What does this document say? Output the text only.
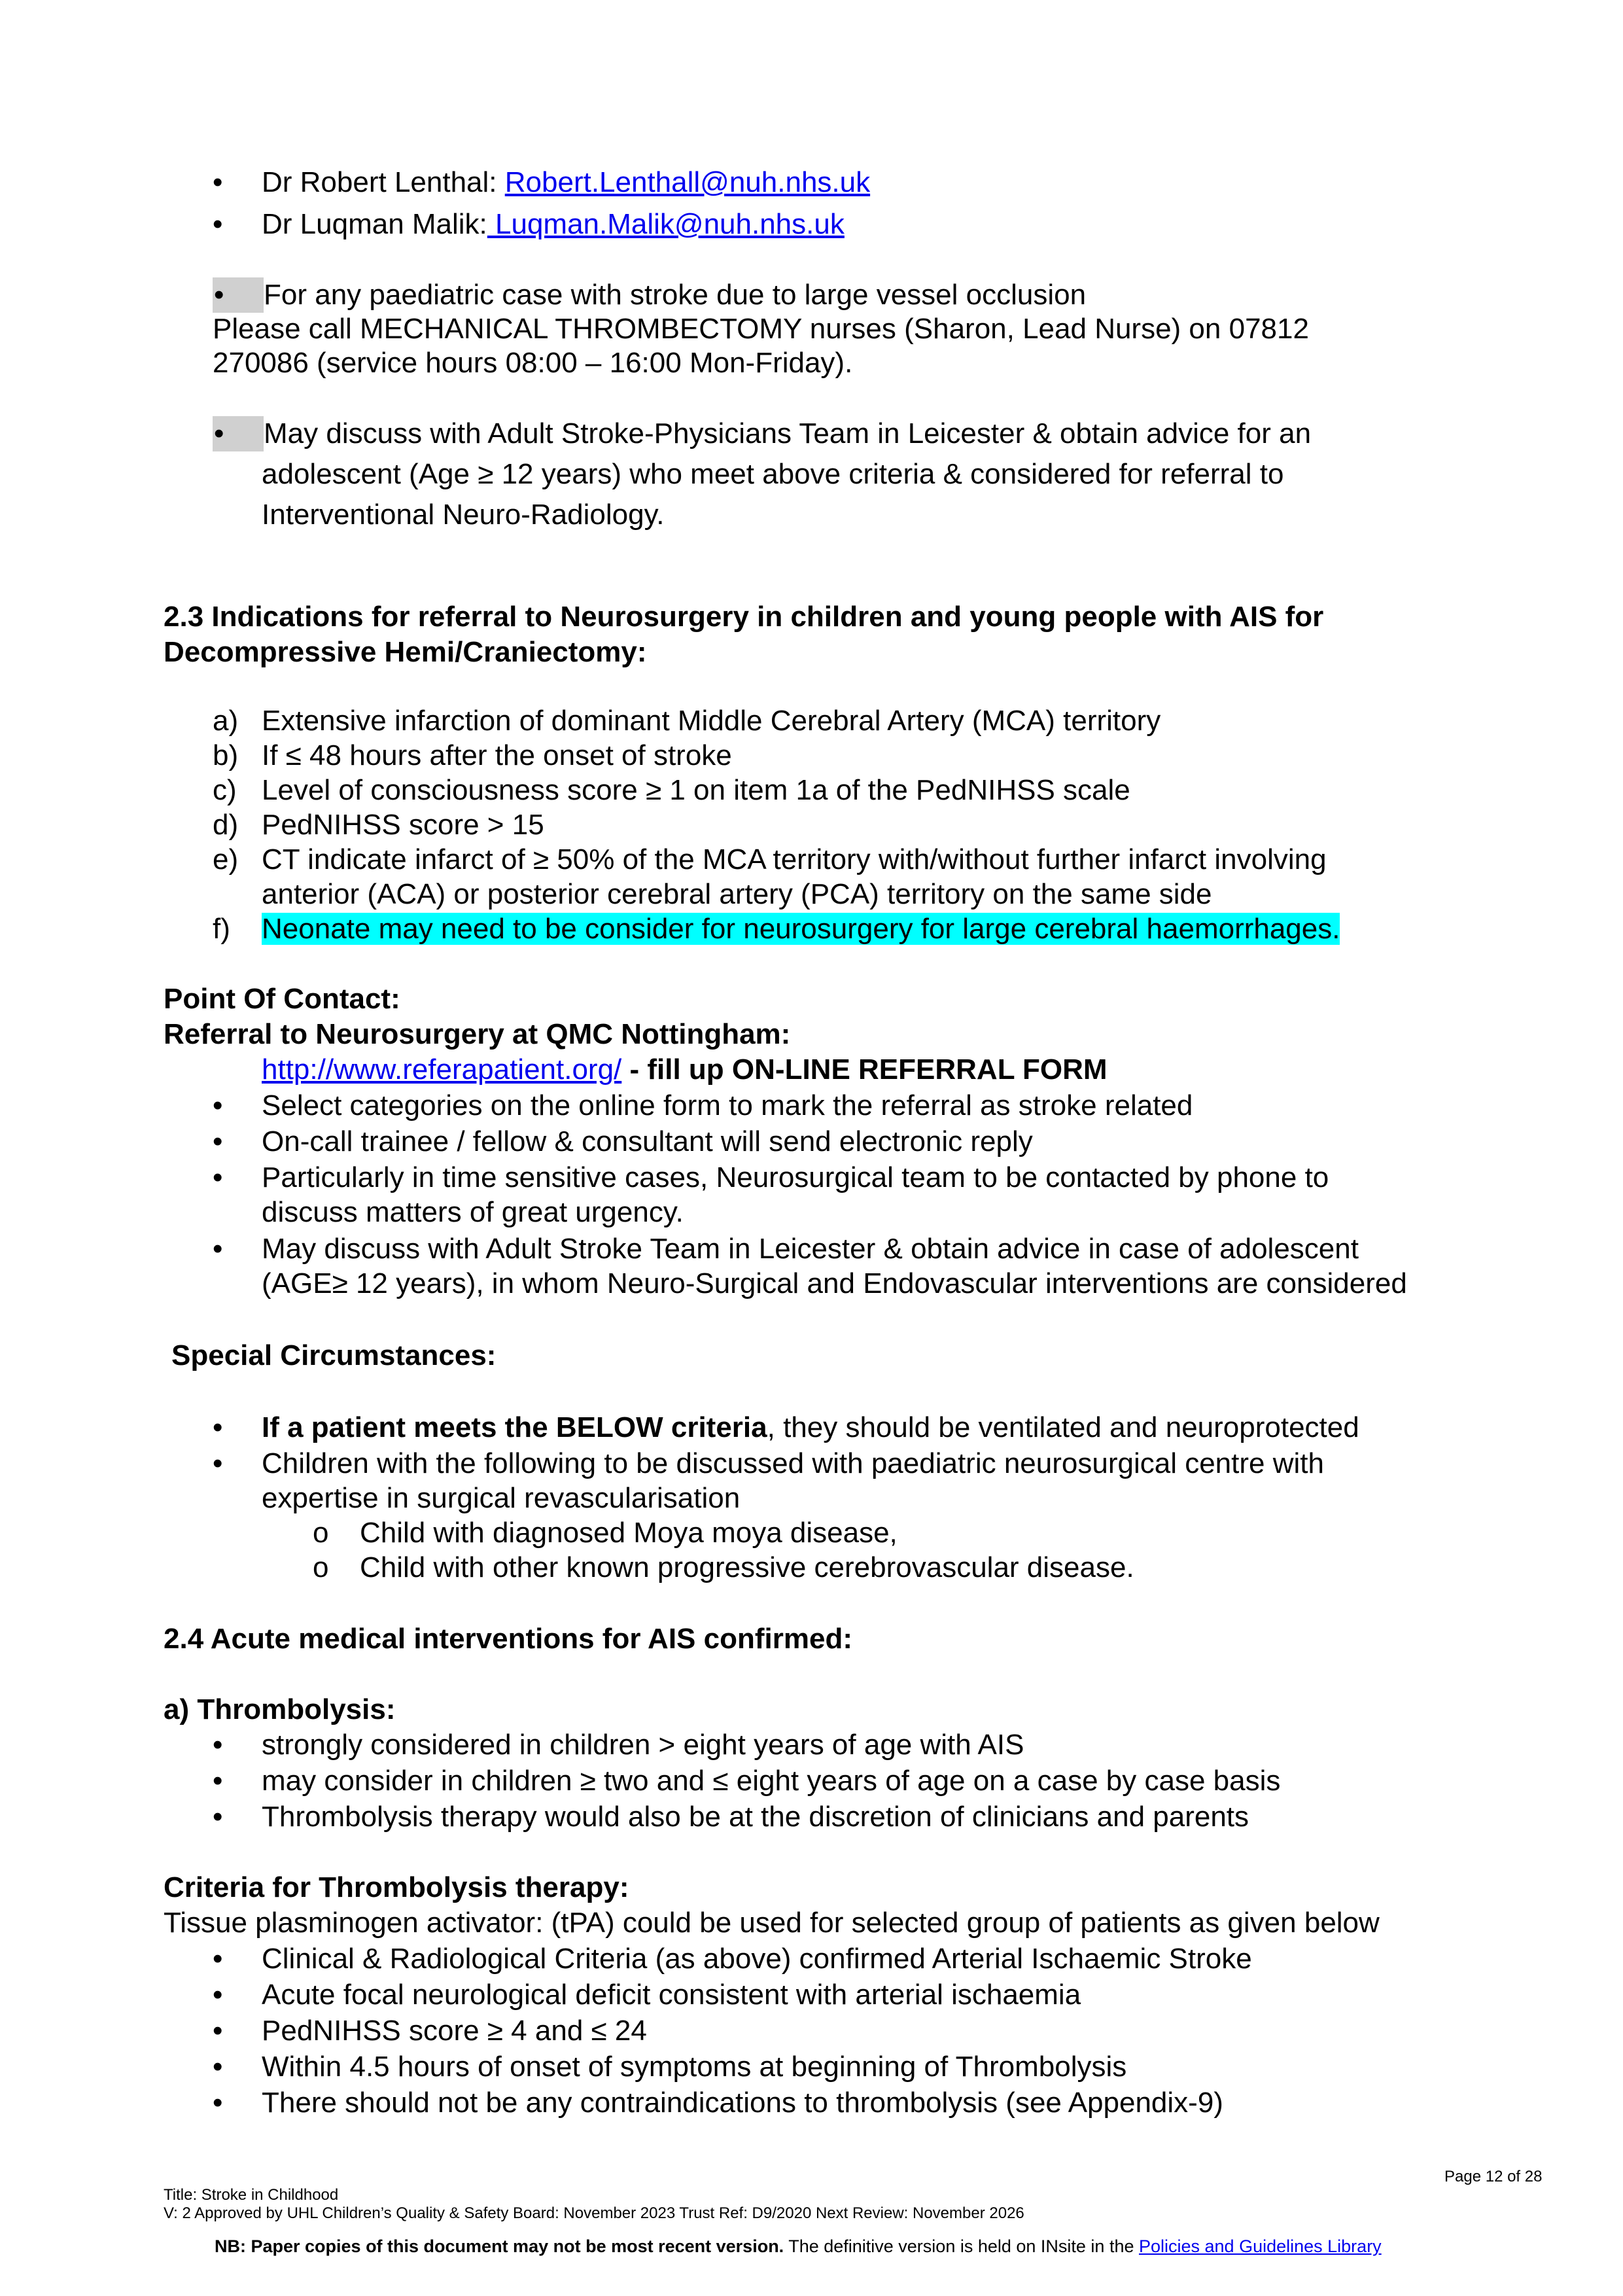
• Dr Robert Lenthal: Robert.Lenthall@nuh.nhs.uk
• Dr Luqman Malik: Luqman.Malik@nuh.nhs.uk
• For any paediatric case with stroke due to large vessel occlusion
Please call MECHANICAL THROMBECTOMY nurses (Sharon, Lead Nurse) on 07812
270086 (service hours 08:00 – 16:00 Mon-Friday).
• May discuss with Adult Stroke-Physicians Team in Leicester & obtain advice for an
adolescent (Age ≥ 12 years) who meet above criteria & considered for referral to
Interventional Neuro-Radiology.
2.3 Indications for referral to Neurosurgery in children and young people with AIS for
Decompressive Hemi/Craniectomy:
a) Extensive infarction of dominant Middle Cerebral Artery (MCA) territory
b) If ≤ 48 hours after the onset of stroke
c) Level of consciousness score ≥ 1 on item 1a of the PedNIHSS scale
d) PedNIHSS score > 15
e) CT indicate infarct of ≥ 50% of the MCA territory with/without further infarct involving
anterior (ACA) or posterior cerebral artery (PCA) territory on the same side
f) Neonate may need to be consider for neurosurgery for large cerebral haemorrhages.
Point Of Contact:
Referral to Neurosurgery at QMC Nottingham:
http://www.referapatient.org/ - fill up ON-LINE REFERRAL FORM
• Select categories on the online form to mark the referral as stroke related
• On-call trainee / fellow & consultant will send electronic reply
• Particularly in time sensitive cases, Neurosurgical team to be contacted by phone to
discuss matters of great urgency.
• May discuss with Adult Stroke Team in Leicester & obtain advice in case of adolescent
(AGE≥ 12 years), in whom Neuro-Surgical and Endovascular interventions are considered
Special Circumstances:
• If a patient meets the BELOW criteria, they should be ventilated and neuroprotected
• Children with the following to be discussed with paediatric neurosurgical centre with
expertise in surgical revascularisation
o Child with diagnosed Moya moya disease,
o Child with other known progressive cerebrovascular disease.
2.4 Acute medical interventions for AIS confirmed:
a) Thrombolysis:
• strongly considered in children > eight years of age with AIS
• may consider in children ≥ two and ≤ eight years of age on a case by case basis
• Thrombolysis therapy would also be at the discretion of clinicians and parents
Criteria for Thrombolysis therapy:
Tissue plasminogen activator: (tPA) could be used for selected group of patients as given below
• Clinical & Radiological Criteria (as above) confirmed Arterial Ischaemic Stroke
• Acute focal neurological deficit consistent with arterial ischaemia
• PedNIHSS score ≥ 4 and ≤ 24
• Within 4.5 hours of onset of symptoms at beginning of Thrombolysis
• There should not be any contraindications to thrombolysis (see Appendix-9)
Page 12 of 28
Title: Stroke in Childhood
V: 2 Approved by UHL Children’s Quality & Safety Board: November 2023 Trust Ref: D9/2020 Next Review: November 2026
NB: Paper copies of this document may not be most recent version. The definitive version is held on INsite in the Policies and Guidelines Library
